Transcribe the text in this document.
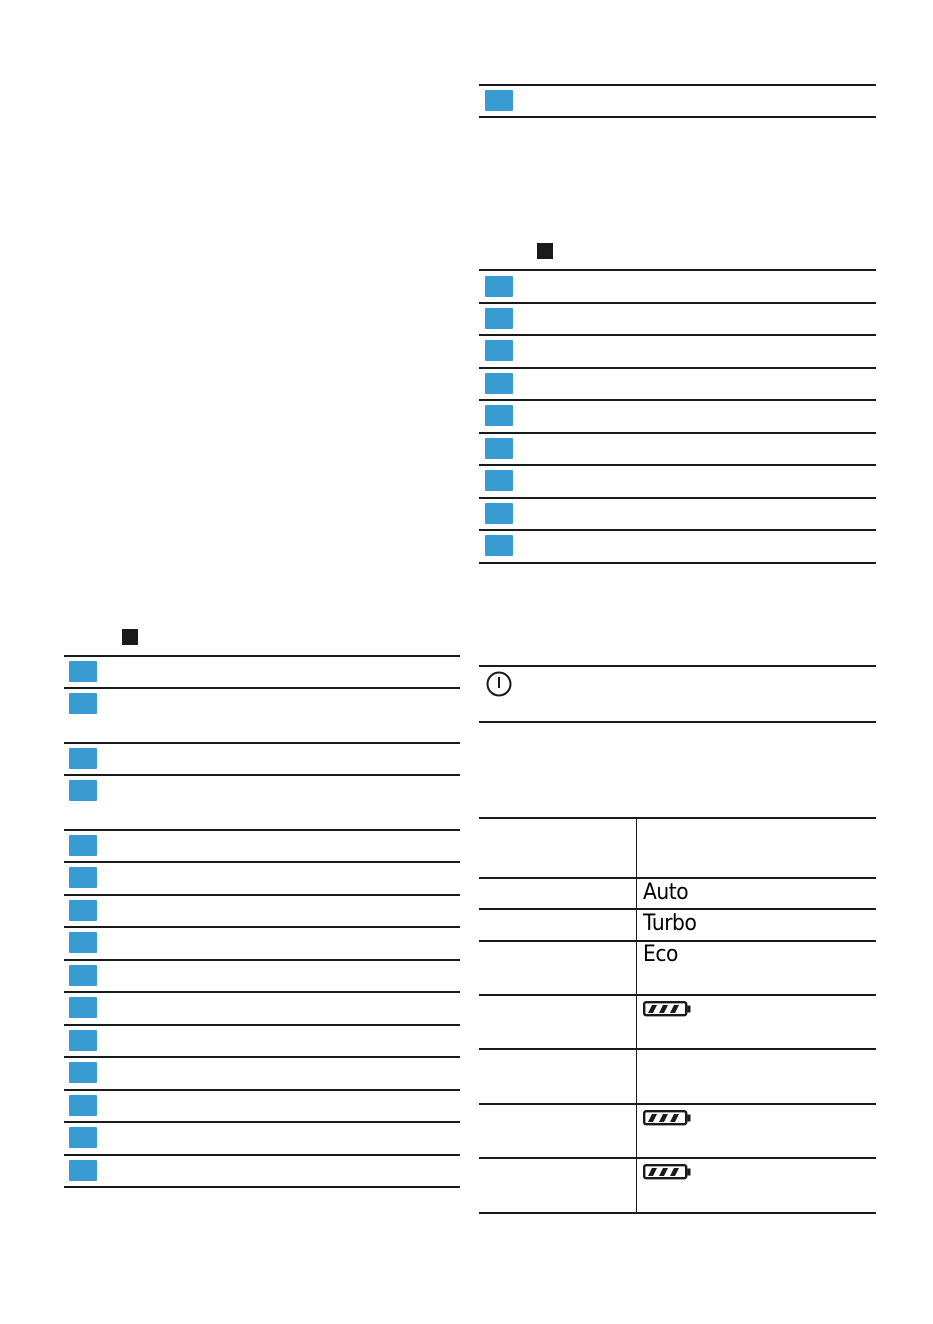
Auto
Turbo
Eco
